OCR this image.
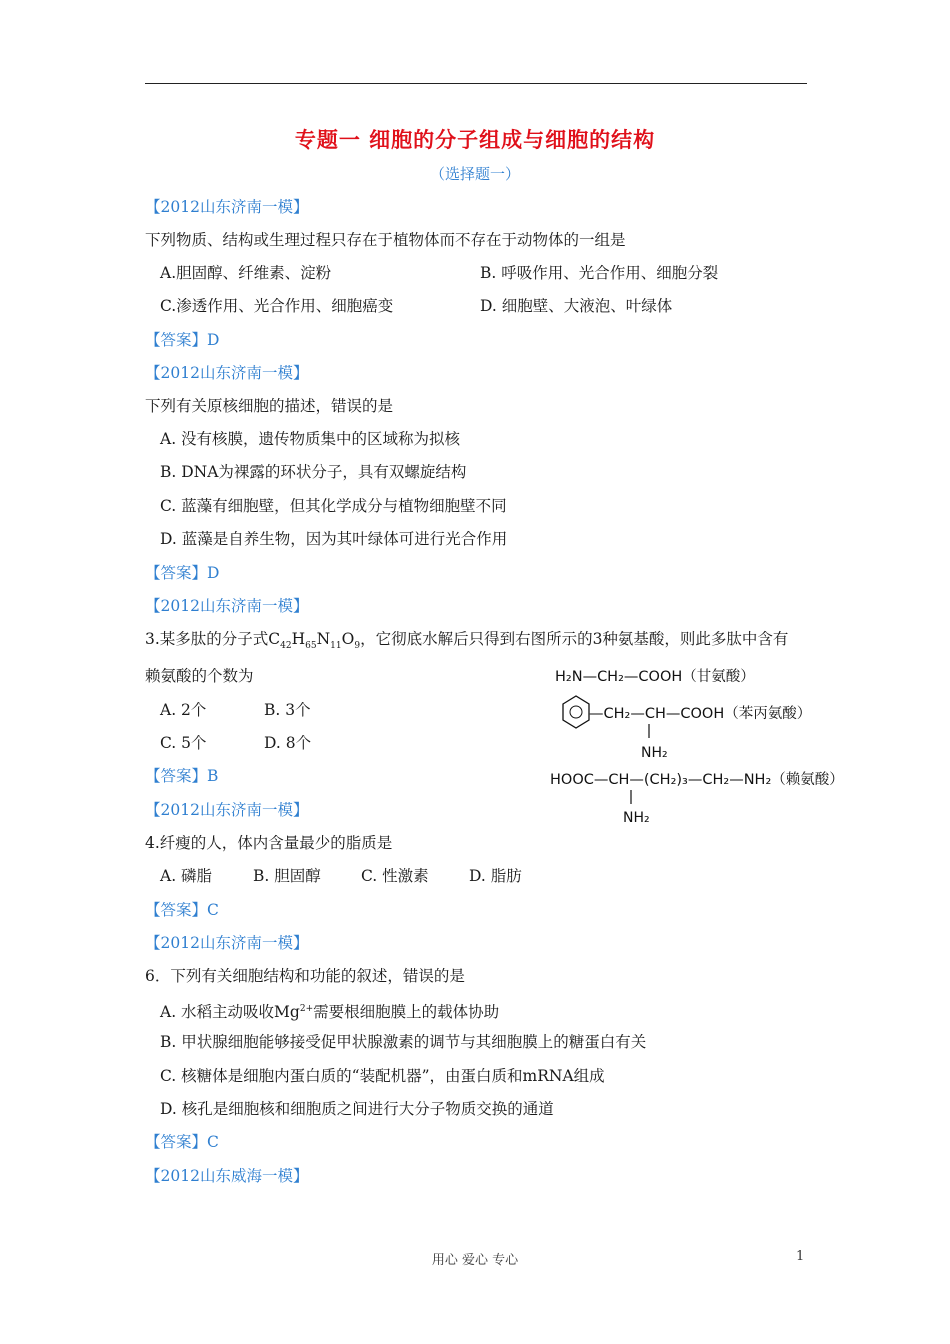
专题一 细胞的分子组成与细胞的结构
（选择题一）
【2012山东济南一模】
下列物质、结构或生理过程只存在于植物体而不存在于动物体的一组是
A.胆固醇、纤维素、淀粉	B. 呼吸作用、光合作用、细胞分裂
C.渗透作用、光合作用、细胞癌变	D. 细胞壁、大液泡、叶绿体
【答案】D
【2012山东济南一模】
下列有关原核细胞的描述，错误的是
A. 没有核膜，遗传物质集中的区域称为拟核
B. DNA为裸露的环状分子，具有双螺旋结构
C. 蓝藻有细胞壁，但其化学成分与植物细胞壁不同
D. 蓝藻是自养生物，因为其叶绿体可进行光合作用
【答案】D
【2012山东济南一模】
3.某多肽的分子式$C_{42}H_{65}N_{11}O_9$，它彻底水解后只得到右图所示的3种氨基酸，则此多肽中含有
赖氨酸的个数为
A. 2个	B. 3个
C. 5个	D. 8个
【答案】B
H₂N—CH₂—COOH（甘氨酸）
—CH₂—CH—COOH（苯丙氨酸）
NH₂
HOOC—CH—(CH₂)₃—CH₂—NH₂（赖氨酸）
NH₂
【2012山东济南一模】
4.纤瘦的人，体内含量最少的脂质是
A. 磷脂	B. 胆固醇	C. 性激素	D. 脂肪
【答案】C
【2012山东济南一模】
6．下列有关细胞结构和功能的叙述，错误的是
A. 水稻主动吸收$Mg^{2+}$需要根细胞膜上的载体协助
B. 甲状腺细胞能够接受促甲状腺激素的调节与其细胞膜上的糖蛋白有关
C. 核糖体是细胞内蛋白质的“装配机器”，由蛋白质和mRNA组成
D. 核孔是细胞核和细胞质之间进行大分子物质交换的通道
【答案】C
【2012山东威海一模】
用心 爱心 专心	1
